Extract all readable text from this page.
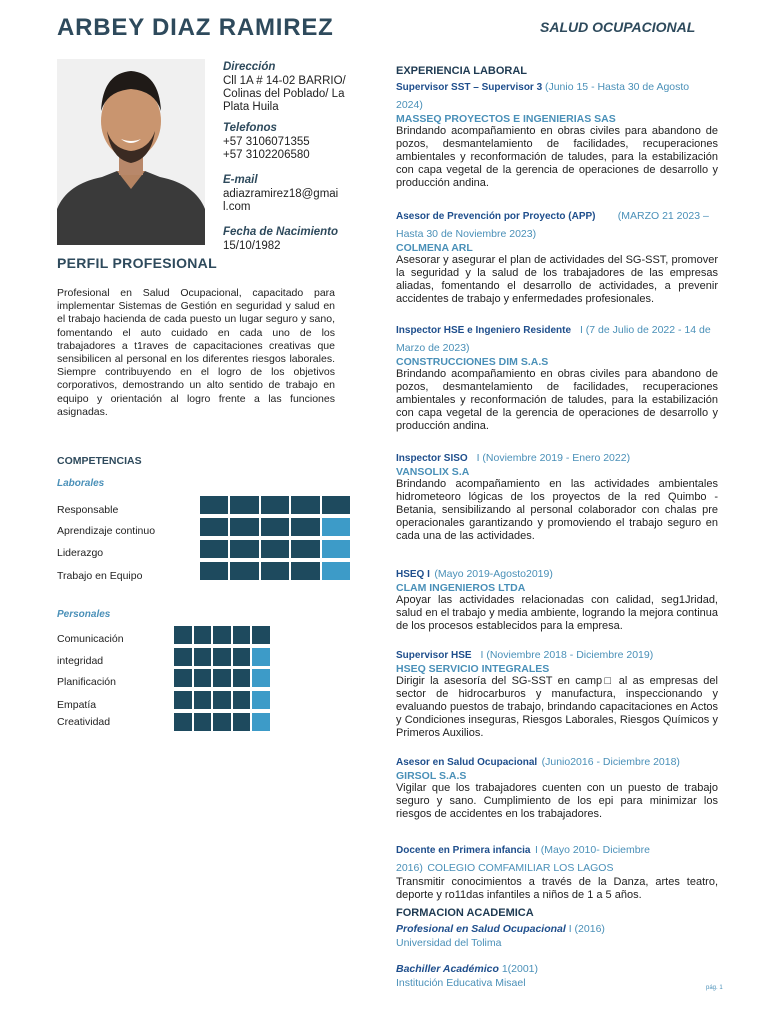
ARBEY DIAZ RAMIREZ	SALUD OCUPACIONAL
Dirección
Cll 1A # 14-02 BARRIO/ Colinas del Poblado/ La Plata Huila
Telefonos
+57 3106071355
+57 3102206580
E-mail
adiazramirez18@gmail.com
Fecha de Nacimiento
15/10/1982
PERFIL PROFESIONAL
Profesional en Salud Ocupacional, capacitado para implementar Sistemas de Gestión en seguridad y salud en el trabajo hacienda de cada puesto un lugar seguro y sano, fomentando el auto cuidado en cada uno de los trabajadores a t1raves de capacitaciones creativas que sensibilicen al personal en los diferentes riesgos laborales. Siempre contribuyendo en el logro de los objetivos corporativos, demostrando un alto sentido de trabajo en equipo y orientación al logro frente a las funciones asignadas.
COMPETENCIAS
Laborales
Responsable
Aprendizaje continuo
Liderazgo
Trabajo en Equipo
Personales
Comunicación
integridad
Planificación
Empatía
Creatividad
EXPERIENCIA LABORAL
Supervisor SST – Supervisor 3 (Junio 15 - Hasta 30 de Agosto 2024)
MASSEQ PROYECTOS E INGENIERIAS SAS
Brindando acompañamiento en obras civiles para abandono de pozos, desmantelamiento de facilidades, recuperaciones ambientales y reconformación de taludes, para la estabilización con capa vegetal de la gerencia de operaciones de desarrollo y producción andina.
Asesor de Prevención por Proyecto (APP) (MARZO 21 2023 – Hasta 30 de Noviembre 2023)
COLMENA ARL
Asesorar y asegurar el plan de actividades del SG-SST, promover la seguridad y la salud de los trabajadores de las empresas aliadas, fomentando el desarrollo de actividades, a prevenir accidentes de trabajo y enfermedades profesionales.
Inspector HSE e Ingeniero Residente I (7 de Julio de 2022 - 14 de Marzo de 2023)
CONSTRUCCIONES DIM S.A.S
Brindando acompañamiento en obras civiles para abandono de pozos, desmantelamiento de facilidades, recuperaciones ambientales y reconformación de taludes, para la estabilización con capa vegetal de la gerencia de operaciones de desarrollo y producción andina.
Inspector SISO I (Noviembre 2019 - Enero 2022)
VANSOLIX S.A
Brindando acompañamiento en las actividades ambientales hidrometeoro lógicas de los proyectos de la red Quimbo - Betania, sensibilizando al personal colaborador con chalas pre operacionales garantizando y promoviendo el trabajo seguro en cada una de las actividades.
HSEQ I (Mayo 2019-Agosto2019)
CLAM INGENIEROS LTDA
Apoyar las actividades relacionadas con calidad, seg1Jridad, salud en el trabajo y media ambiente, logrando la mejora continua de los procesos establecidos para la empresa.
Supervisor HSE I (Noviembre 2018 - Diciembre 2019)
HSEQ SERVICIO INTEGRALES
Dirigir la asesoría del SG-SST en camp□ al as empresas del sector de hidrocarburos y manufactura, inspeccionando y evaluando puestos de trabajo, brindando capacitaciones en Actos y Condiciones inseguras, Riesgos Laborales, Riesgos Químicos y Primeros Auxilios.
Asesor en Salud Ocupacional (Junio2016 - Diciembre 2018)
GIRSOL S.A.S
Vigilar que los trabajadores cuenten con un puesto de trabajo seguro y sano. Cumplimiento de los epi para minimizar los riesgos de accidentes en los trabajadores.
Docente en Primera infancia I (Mayo 2010- Diciembre 2016) COLEGIO COMFAMILIAR LOS LAGOS
Transmitir conocimientos a través de la Danza, artes teatro, deporte y ro11das infantiles a niños de 1 a 5 años.
FORMACION ACADEMICA
Profesional en Salud Ocupacional I (2016)
Universidad del Tolima
Bachiller Académico 1(2001)
Institución Educativa Misael	pág. 1
